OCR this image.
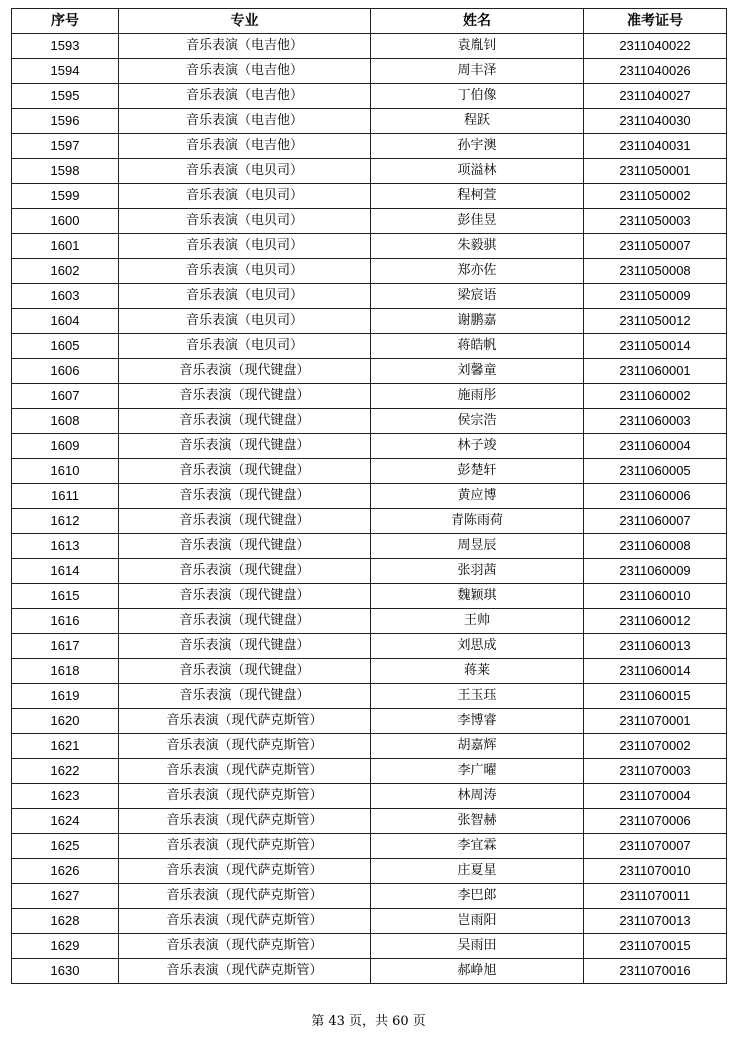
序号	专业	姓名	准考证号
1593	音乐表演（电吉他）	袁胤钊	2311040022
1594	音乐表演（电吉他）	周丰泽	2311040026
1595	音乐表演（电吉他）	丁伯像	2311040027
1596	音乐表演（电吉他）	程跃	2311040030
1597	音乐表演（电吉他）	孙宇澳	2311040031
1598	音乐表演（电贝司）	项溢林	2311050001
1599	音乐表演（电贝司）	程柯萱	2311050002
1600	音乐表演（电贝司）	彭佳昱	2311050003
1601	音乐表演（电贝司）	朱毅骐	2311050007
1602	音乐表演（电贝司）	郑亦佐	2311050008
1603	音乐表演（电贝司）	梁宸语	2311050009
1604	音乐表演（电贝司）	谢鹏嘉	2311050012
1605	音乐表演（电贝司）	蒋皓帆	2311050014
1606	音乐表演（现代键盘）	刘馨童	2311060001
1607	音乐表演（现代键盘）	施雨彤	2311060002
1608	音乐表演（现代键盘）	侯宗浩	2311060003
1609	音乐表演（现代键盘）	林子竣	2311060004
1610	音乐表演（现代键盘）	彭楚轩	2311060005
1611	音乐表演（现代键盘）	黄应博	2311060006
1612	音乐表演（现代键盘）	青陈雨荷	2311060007
1613	音乐表演（现代键盘）	周昱辰	2311060008
1614	音乐表演（现代键盘）	张羽茜	2311060009
1615	音乐表演（现代键盘）	魏颖琪	2311060010
1616	音乐表演（现代键盘）	王帅	2311060012
1617	音乐表演（现代键盘）	刘思成	2311060013
1618	音乐表演（现代键盘）	蒋莱	2311060014
1619	音乐表演（现代键盘）	王玉珏	2311060015
1620	音乐表演（现代萨克斯管）	李博睿	2311070001
1621	音乐表演（现代萨克斯管）	胡嘉辉	2311070002
1622	音乐表演（现代萨克斯管）	李广曜	2311070003
1623	音乐表演（现代萨克斯管）	林周涛	2311070004
1624	音乐表演（现代萨克斯管）	张智赫	2311070006
1625	音乐表演（现代萨克斯管）	李宜霖	2311070007
1626	音乐表演（现代萨克斯管）	庄夏星	2311070010
1627	音乐表演（现代萨克斯管）	李巴郎	2311070011
1628	音乐表演（现代萨克斯管）	岂雨阳	2311070013
1629	音乐表演（现代萨克斯管）	吴雨田	2311070015
1630	音乐表演（现代萨克斯管）	郝峥旭	2311070016
第 43 页，共 60 页
